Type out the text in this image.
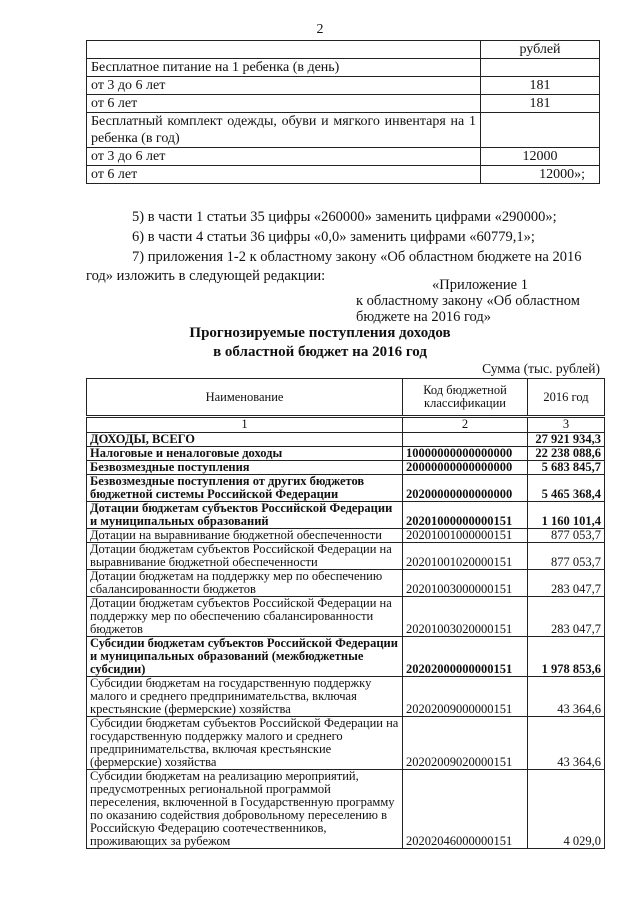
2
	рублей
Бесплатное питание на 1 ребенка (в день)	
от 3 до 6 лет	181
от 6 лет	181
Бесплатный комплект одежды, обуви и мягкого инвентаря на 1 ребенка (в год)	
от 3 до 6 лет	12000
от 6 лет	12000»;
5) в части 1 статьи 35 цифры «260000» заменить цифрами «290000»;
6) в части 4 статьи 36 цифры «0,0» заменить цифрами «60779,1»;
7) приложения 1-2 к областному закону «Об областном бюджете на 2016
год» изложить в следующей редакции:
«Приложение 1
к областному закону «Об областном
бюджете на 2016 год»
Прогнозируемые поступления доходов
в областной бюджет на 2016 год
Сумма (тыс. рублей)
Наименование	Код бюджетной классификации	2016 год
1	2	3
ДОХОДЫ, ВСЕГО		27 921 934,3
Налоговые и неналоговые доходы	10000000000000000	22 238 088,6
Безвозмездные поступления	20000000000000000	5 683 845,7
Безвозмездные поступления от других бюджетов бюджетной системы Российской Федерации	20200000000000000	5 465 368,4
Дотации бюджетам субъектов Российской Федерации и муниципальных образований	20201000000000151	1 160 101,4
Дотации на выравнивание бюджетной обеспеченности	20201001000000151	877 053,7
Дотации бюджетам субъектов Российской Федерации на выравнивание бюджетной обеспеченности	20201001020000151	877 053,7
Дотации бюджетам на поддержку мер по обеспечению сбалансированности бюджетов	20201003000000151	283 047,7
Дотации бюджетам субъектов Российской Федерации на поддержку мер по обеспечению сбалансированности бюджетов	20201003020000151	283 047,7
Субсидии бюджетам субъектов Российской Федерации и муниципальных образований (межбюджетные субсидии)	20202000000000151	1 978 853,6
Субсидии бюджетам на государственную поддержку малого и среднего предпринимательства, включая крестьянские (фермерские) хозяйства	20202009000000151	43 364,6
Субсидии бюджетам субъектов Российской Федерации на государственную поддержку малого и среднего предпринимательства, включая крестьянские (фермерские) хозяйства	20202009020000151	43 364,6
Субсидии бюджетам на реализацию мероприятий, предусмотренных региональной программой переселения, включенной в Государственную программу по оказанию содействия добровольному переселению в Российскую Федерацию соотечественников, проживающих за рубежом	20202046000000151	4 029,0
